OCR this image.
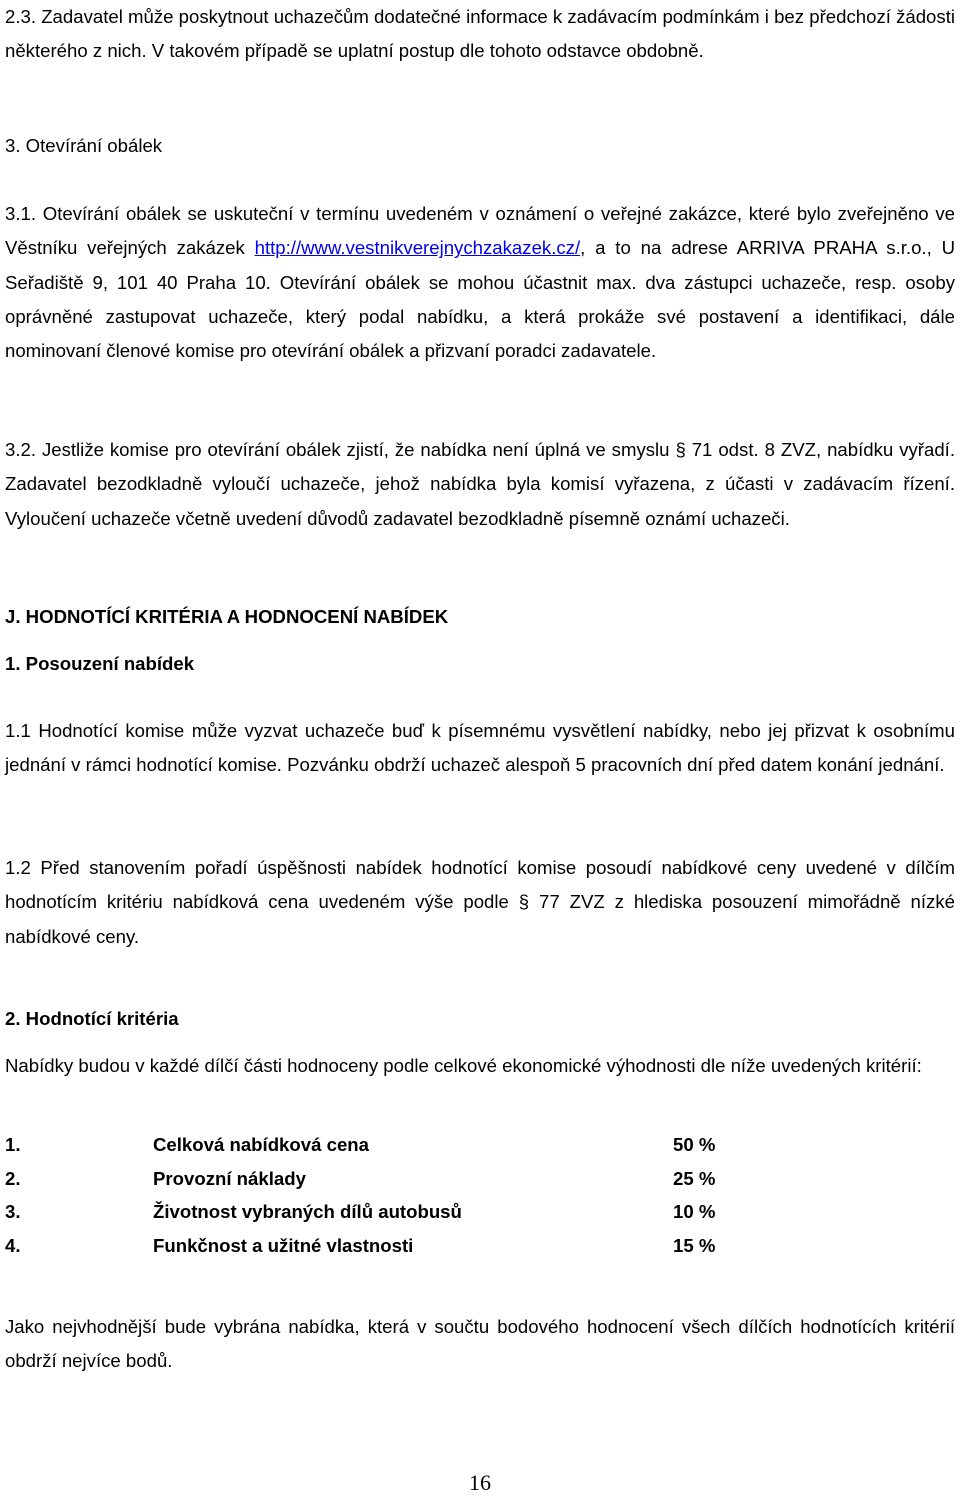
2.3. Zadavatel může poskytnout uchazečům dodatečné informace k zadávacím podmínkám i bez předchozí žádosti některého z nich. V takovém případě se uplatní postup dle tohoto odstavce obdobně.

3. Otevírání obálek

3.1. Otevírání obálek se uskuteční v termínu uvedeném v oznámení o veřejné zakázce, které bylo zveřejněno ve Věstníku veřejných zakázek http://www.vestnikverejnychzakazek.cz/, a to na adrese ARRIVA PRAHA s.r.o., U Seřadiště 9, 101 40 Praha 10. Otevírání obálek se mohou účastnit max. dva zástupci uchazeče, resp. osoby oprávněné zastupovat uchazeče, který podal nabídku, a která prokáže své postavení a identifikaci, dále nominovaní členové komise pro otevírání obálek a přizvaní poradci zadavatele.

3.2. Jestliže komise pro otevírání obálek zjistí, že nabídka není úplná ve smyslu § 71 odst. 8 ZVZ, nabídku vyřadí. Zadavatel bezodkladně vyloučí uchazeče, jehož nabídka byla komisí vyřazena, z účasti v zadávacím řízení. Vyloučení uchazeče včetně uvedení důvodů zadavatel bezodkladně písemně oznámí uchazeči.

J. HODNOTÍCÍ KRITÉRIA A HODNOCENÍ NABÍDEK

1. Posouzení nabídek

1.1 Hodnotící komise může vyzvat uchazeče buď k písemnému vysvětlení nabídky, nebo jej přizvat k osobnímu jednání v rámci hodnotící komise. Pozvánku obdrží uchazeč alespoň 5 pracovních dní před datem konání jednání.

1.2 Před stanovením pořadí úspěšnosti nabídek hodnotící komise posoudí nabídkové ceny uvedené v dílčím hodnotícím kritériu nabídková cena uvedeném výše podle § 77 ZVZ z hlediska posouzení mimořádně nízké nabídkové ceny.

2. Hodnotící kritéria

Nabídky budou v každé dílčí části hodnoceny podle celkové ekonomické výhodnosti dle níže uvedených kritérií:

1.	Celková nabídková cena	50 %
2.	Provozní náklady	25 %
3.	Životnost vybraných dílů autobusů	10 %
4.	Funkčnost a užitné vlastnosti	15 %

Jako nejvhodnější bude vybrána nabídka, která v součtu bodového hodnocení všech dílčích hodnotících kritérií obdrží nejvíce bodů.

16
